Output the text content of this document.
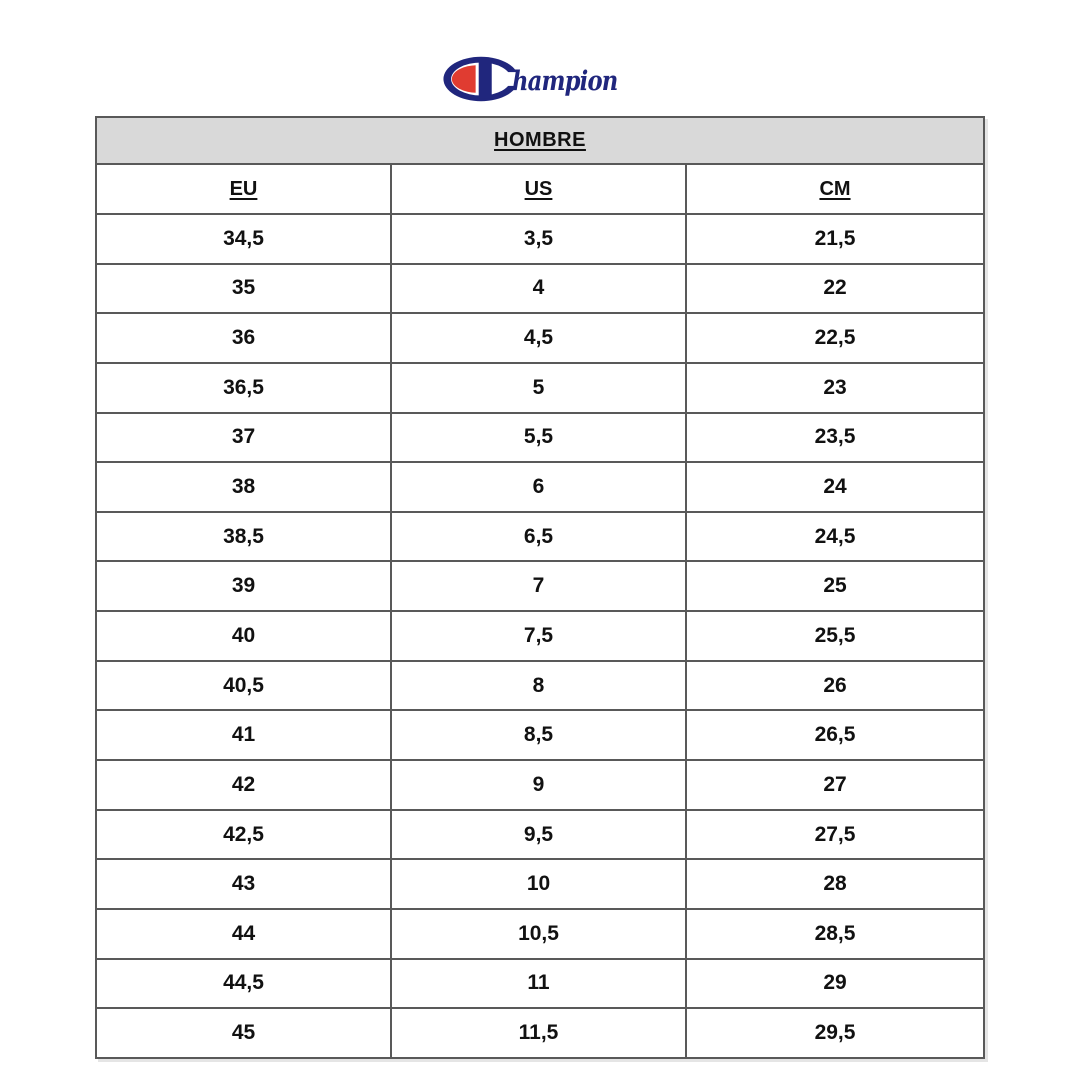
hampion
HOMBRE		
EU	US	CM
34,5	3,5	21,5
35	4	22
36	4,5	22,5
36,5	5	23
37	5,5	23,5
38	6	24
38,5	6,5	24,5
39	7	25
40	7,5	25,5
40,5	8	26
41	8,5	26,5
42	9	27
42,5	9,5	27,5
43	10	28
44	10,5	28,5
44,5	11	29
45	11,5	29,5
